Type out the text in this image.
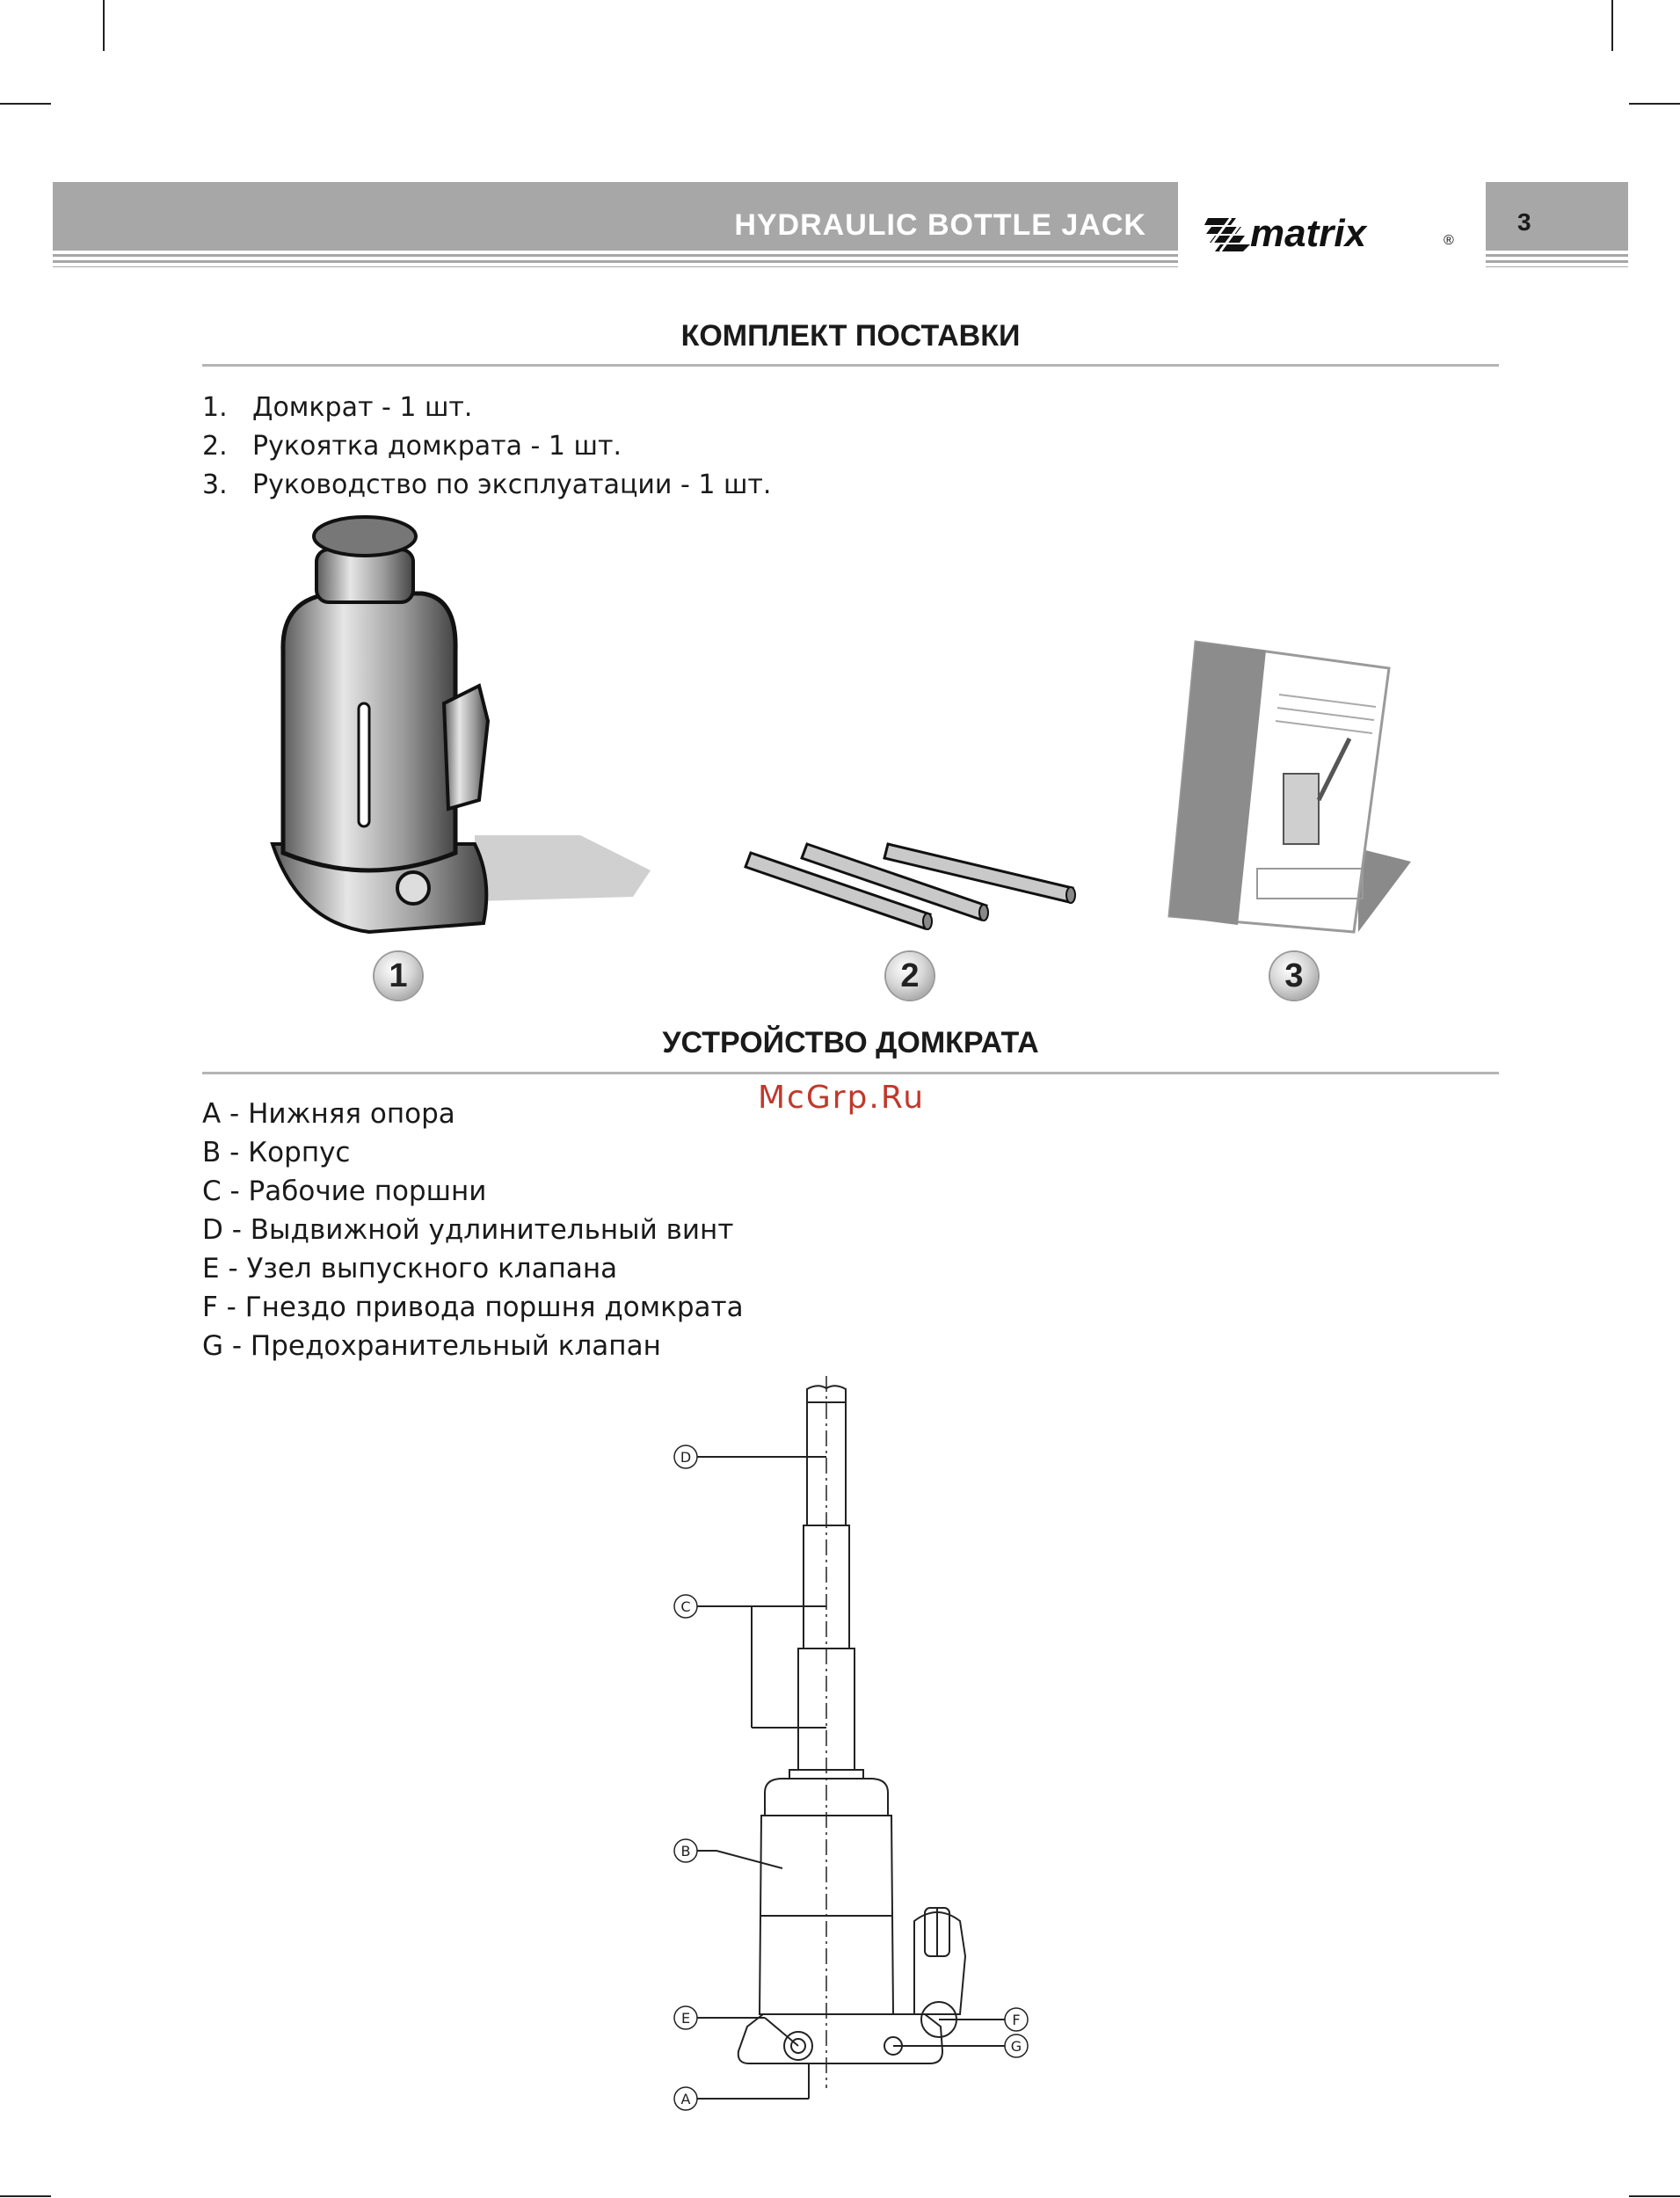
HYDRAULIC BOTTLE JACK	matrix	®
3
КОМПЛЕКТ ПОСТАВКИ
1. Домкрат - 1 шт.
2. Рукоятка домкрата - 1 шт.
3. Руководство по эксплуатации - 1 шт.
1	2	3
УСТРОЙСТВО ДОМКРАТА
McGrp.Ru
A - Нижняя опора
B - Корпус
C - Рабочие поршни
D - Выдвижной удлинительный винт
E - Узел выпускного клапана
F - Гнездо привода поршня домкрата
G - Предохранительный клапан
D
C
B
E
A
F
G
